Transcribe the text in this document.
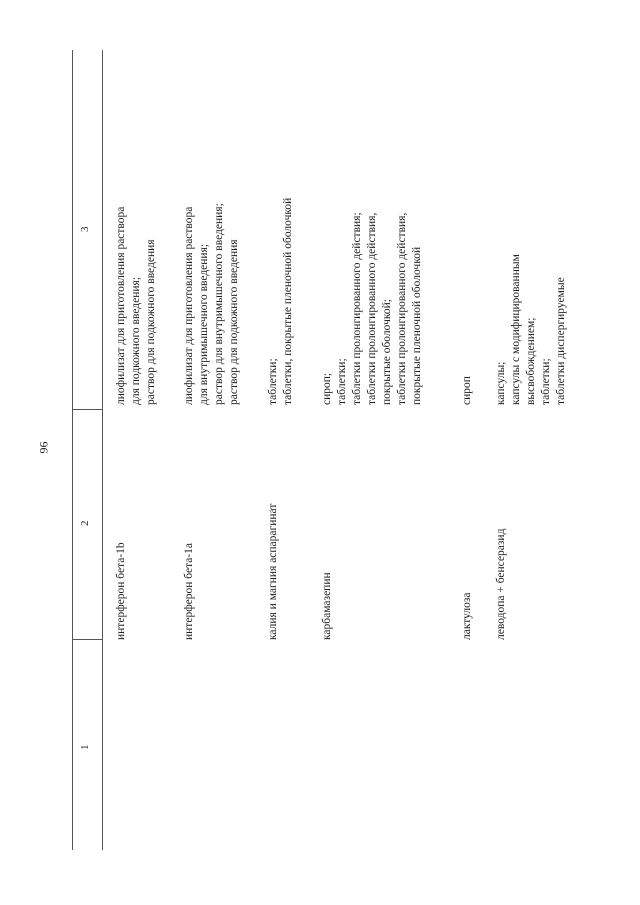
96
1
2
3
интерферон бета-1b
лиофилизат для приготовления раствора для подкожного введения; раствор для подкожного введения
интерферон бета-1a
лиофилизат для приготовления раствора для внутримышечного введения; раствор для внутримышечного введения; раствор для подкожного введения
калия и магния аспарагинат
таблетки; таблетки, покрытые пленочной оболочкой
карбамазепин
сироп; таблетки; таблетки пролонгированного действия; таблетки пролонгированного действия, покрытые оболочкой; таблетки пролонгированного действия, покрытые пленочной оболочкой
лактулоза
сироп
леводопа + бенсеразид
капсулы; капсулы с модифицированным высвобождением; таблетки; таблетки диспергируемые
